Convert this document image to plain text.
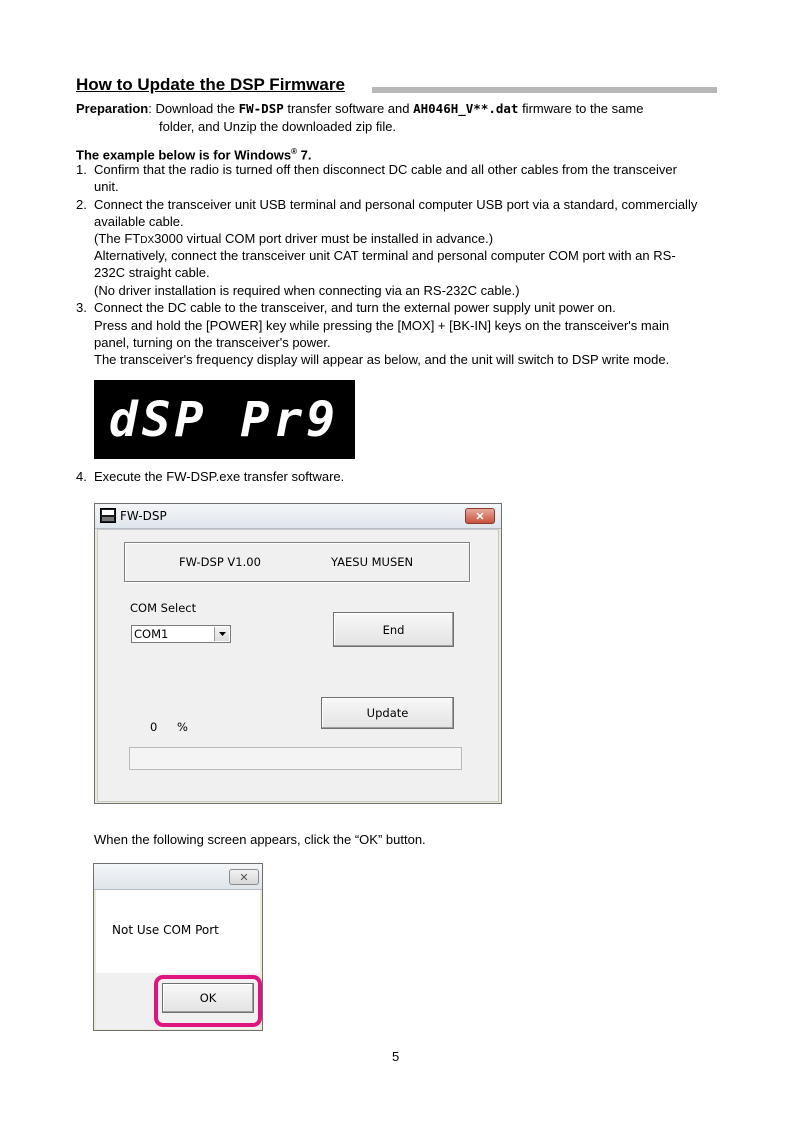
How to Update the DSP Firmware
Preparation: Download the FW-DSP transfer software and AH046H_V**.dat firmware to the same
folder, and Unzip the downloaded zip file.
The example below is for Windows® 7.
1. Confirm that the radio is turned off then disconnect DC cable and all other cables from the transceiver
unit.
2. Connect the transceiver unit USB terminal and personal computer USB port via a standard, commercially
available cable.
(The FTDX3000 virtual COM port driver must be installed in advance.)
Alternatively, connect the transceiver unit CAT terminal and personal computer COM port with an RS-
232C straight cable.
(No driver installation is required when connecting via an RS-232C cable.)
3. Connect the DC cable to the transceiver, and turn the external power supply unit power on.
Press and hold the [POWER] key while pressing the [MOX] + [BK-IN] keys on the transceiver's main
panel, turning on the transceiver's power.
The transceiver's frequency display will appear as below, and the unit will switch to DSP write mode.
dSP Pr9
4. Execute the FW-DSP.exe transfer software.
FW-DSP	✕
FW-DSP V1.00	YAESU MUSEN
COM Select
COM1	End
Update
0 %
When the following screen appears, click the “OK” button.
✕
Not Use COM Port
OK
5
